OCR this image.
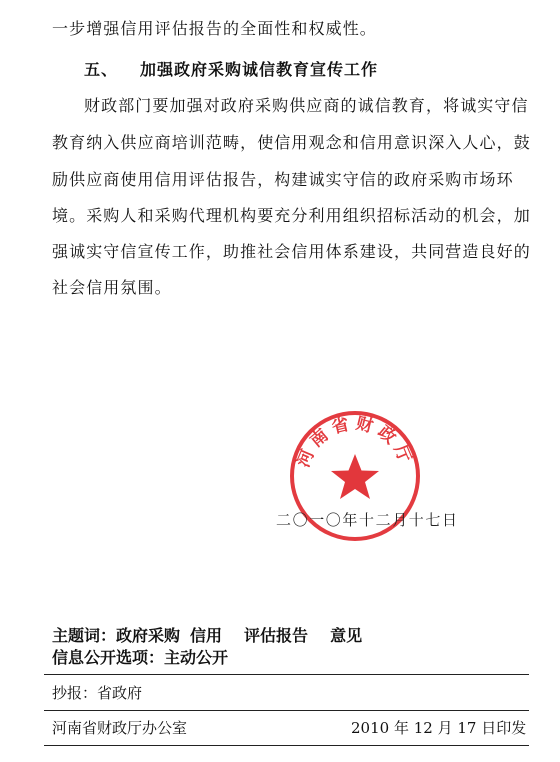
一步增强信用评估报告的全面性和权威性。
五、 加强政府采购诚信教育宣传工作
财政部门要加强对政府采购供应商的诚信教育，将诚实守信
教育纳入供应商培训范畴，使信用观念和信用意识深入人心，鼓
励供应商使用信用评估报告，构建诚实守信的政府采购市场环
境。采购人和采购代理机构要充分利用组织招标活动的机会，加
强诚实守信宣传工作，助推社会信用体系建设，共同营造良好的
社会信用氛围。
河南省财政厅
二〇一〇年十二月十七日
主题词：政府采购 信用 评估报告 意见
信息公开选项：主动公开
抄报：省政府
河南省财政厅办公室	2010 年 12 月 17 日印发
